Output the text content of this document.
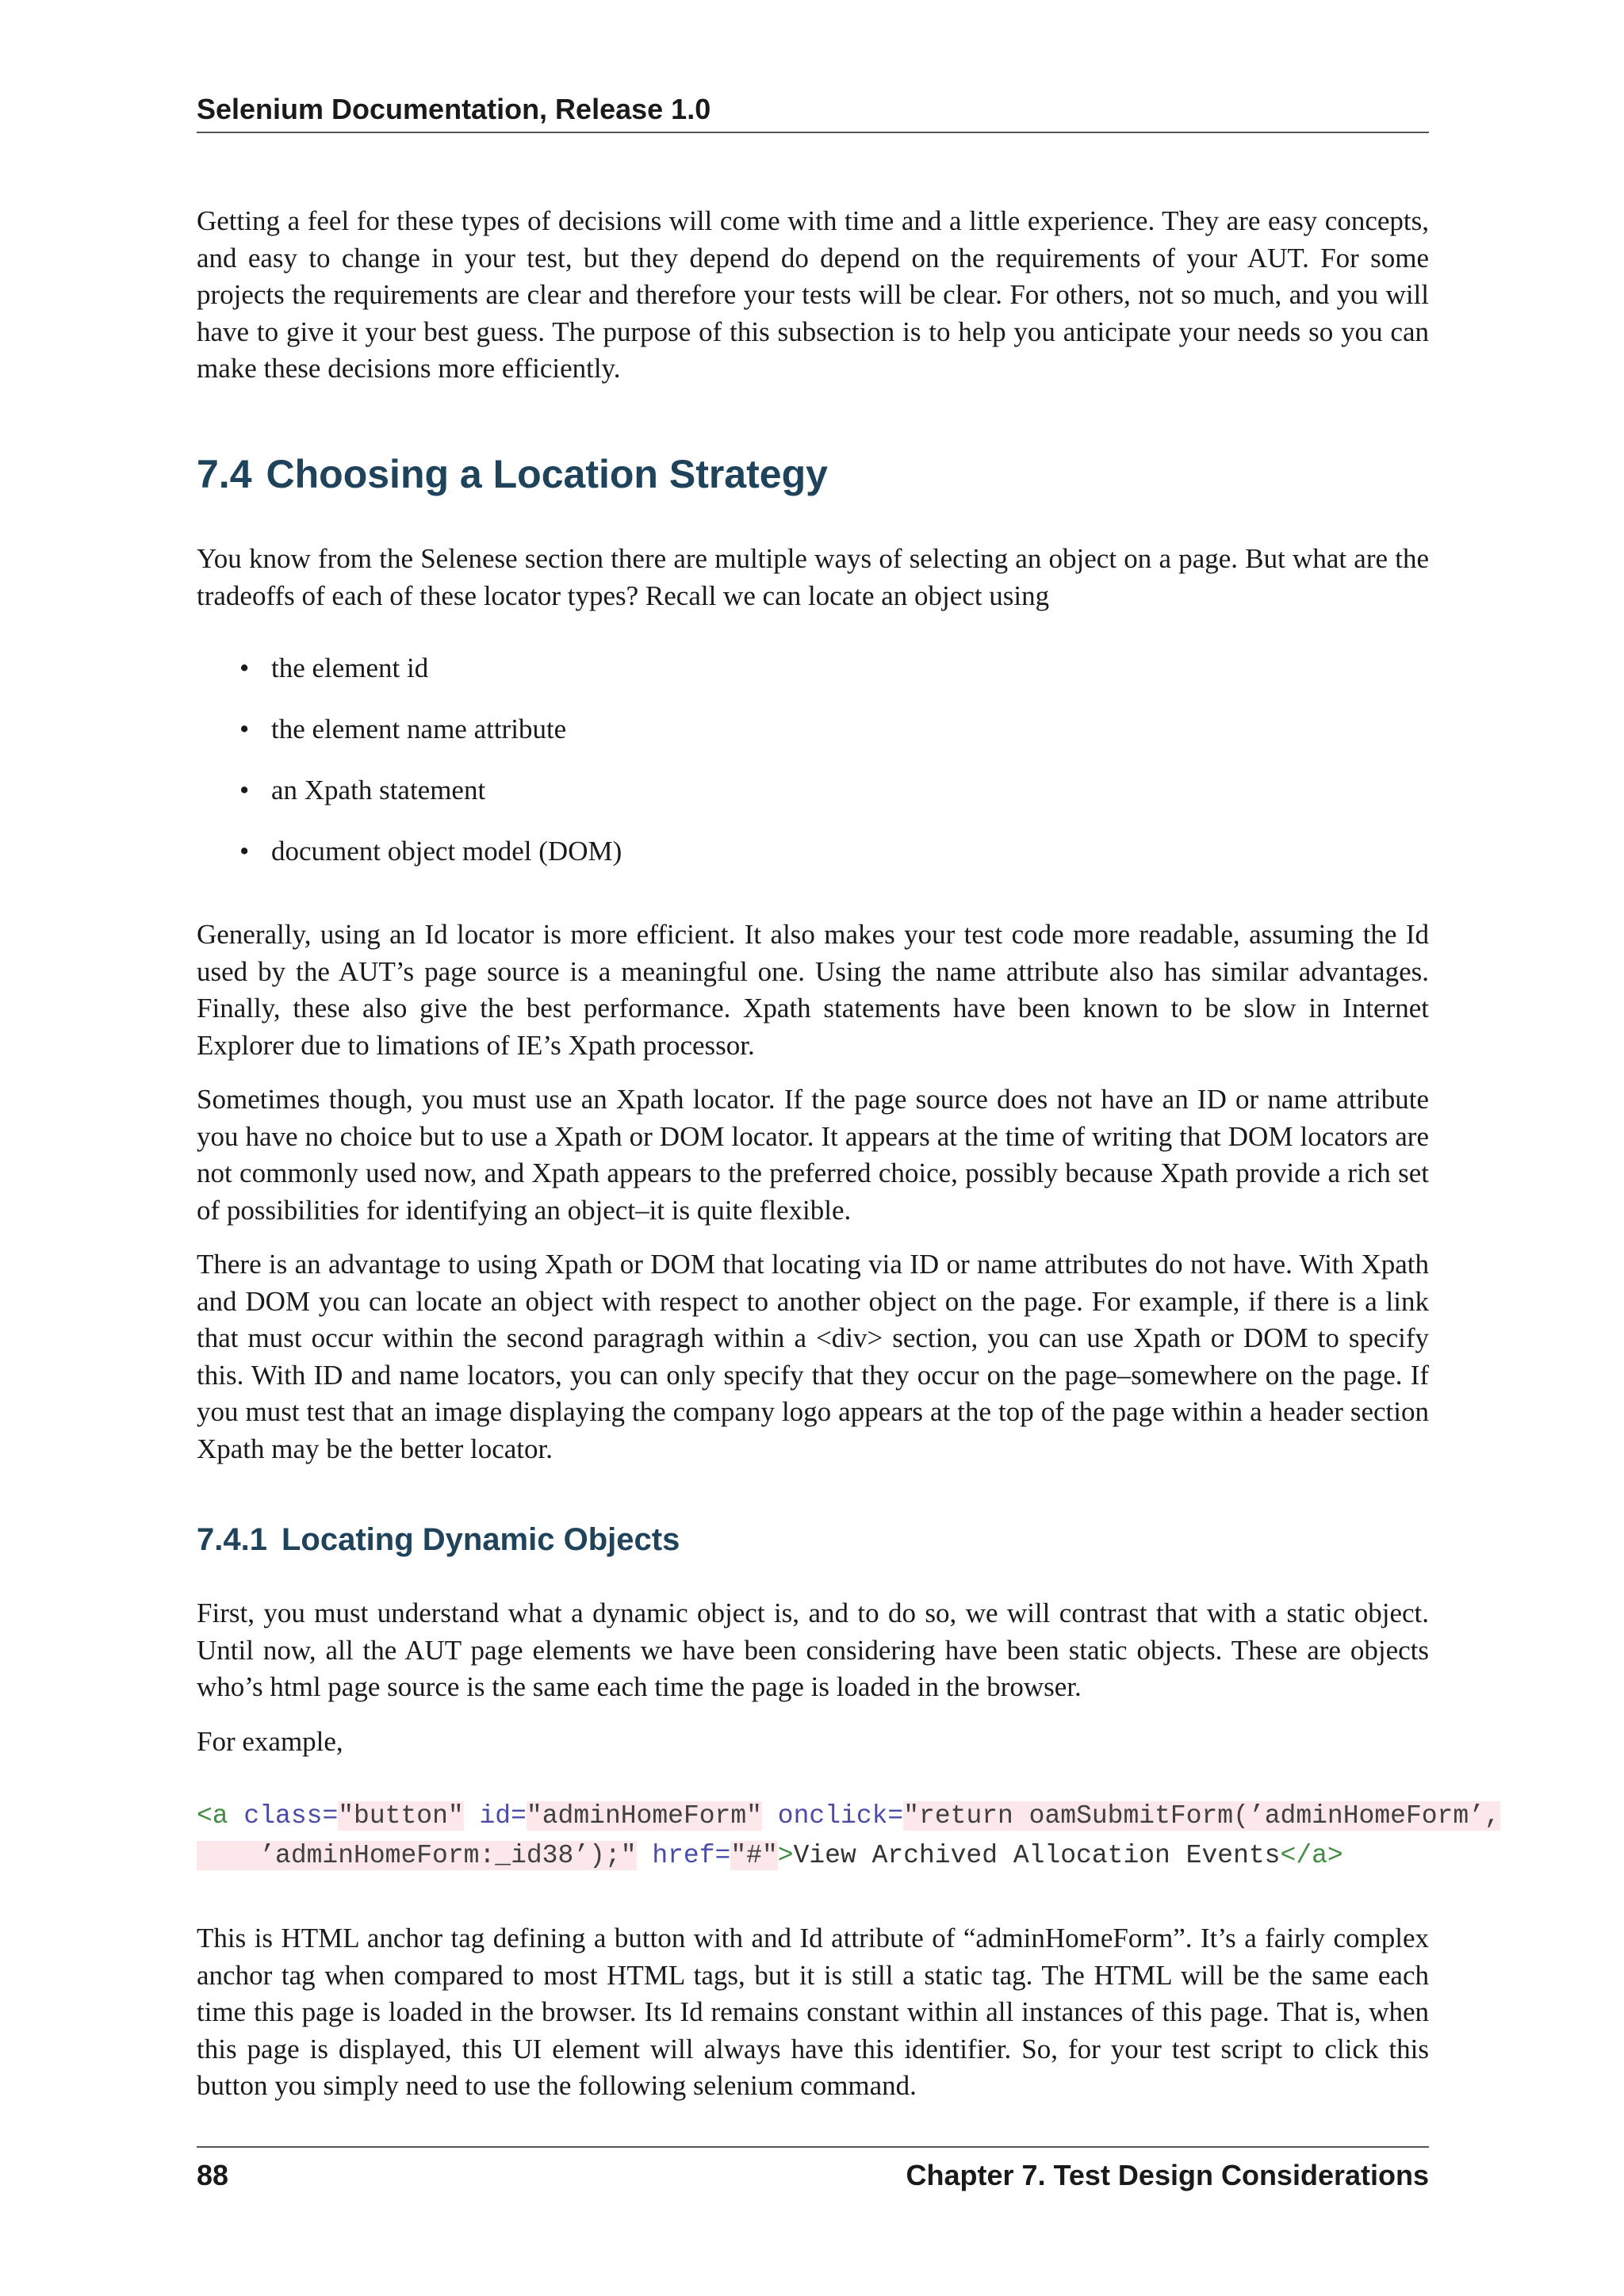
Selenium Documentation, Release 1.0

Getting a feel for these types of decisions will come with time and a little experience. They are easy concepts, and easy to change in your test, but they depend do depend on the requirements of your AUT. For some projects the requirements are clear and therefore your tests will be clear. For others, not so much, and you will have to give it your best guess. The purpose of this subsection is to help you anticipate your needs so you can make these decisions more efficiently.

7.4 Choosing a Location Strategy

You know from the Selenese section there are multiple ways of selecting an object on a page. But what are the tradeoffs of each of these locator types? Recall we can locate an object using

• the element id
• the element name attribute
• an Xpath statement
• document object model (DOM)

Generally, using an Id locator is more efficient. It also makes your test code more readable, assuming the Id used by the AUT’s page source is a meaningful one. Using the name attribute also has similar advantages. Finally, these also give the best performance. Xpath statements have been known to be slow in Internet Explorer due to limations of IE’s Xpath processor.

Sometimes though, you must use an Xpath locator. If the page source does not have an ID or name attribute you have no choice but to use a Xpath or DOM locator. It appears at the time of writing that DOM locators are not commonly used now, and Xpath appears to the preferred choice, possibly because Xpath provide a rich set of possibilities for identifying an object–it is quite flexible.

There is an advantage to using Xpath or DOM that locating via ID or name attributes do not have. With Xpath and DOM you can locate an object with respect to another object on the page. For example, if there is a link that must occur within the second paragragh within a <div> section, you can use Xpath or DOM to specify this. With ID and name locators, you can only specify that they occur on the page–somewhere on the page. If you must test that an image displaying the company logo appears at the top of the page within a header section Xpath may be the better locator.

7.4.1 Locating Dynamic Objects

First, you must understand what a dynamic object is, and to do so, we will contrast that with a static object. Until now, all the AUT page elements we have been considering have been static objects. These are objects who’s html page source is the same each time the page is loaded in the browser.

For example,

<a class="button" id="adminHomeForm" onclick="return oamSubmitForm(’adminHomeForm’,
’adminHomeForm:_id38’);" href="#">View Archived Allocation Events</a>

This is HTML anchor tag defining a button with and Id attribute of “adminHomeForm”. It’s a fairly complex anchor tag when compared to most HTML tags, but it is still a static tag. The HTML will be the same each time this page is loaded in the browser. Its Id remains constant within all instances of this page. That is, when this page is displayed, this UI element will always have this identifier. So, for your test script to click this button you simply need to use the following selenium command.

88	Chapter 7. Test Design Considerations
